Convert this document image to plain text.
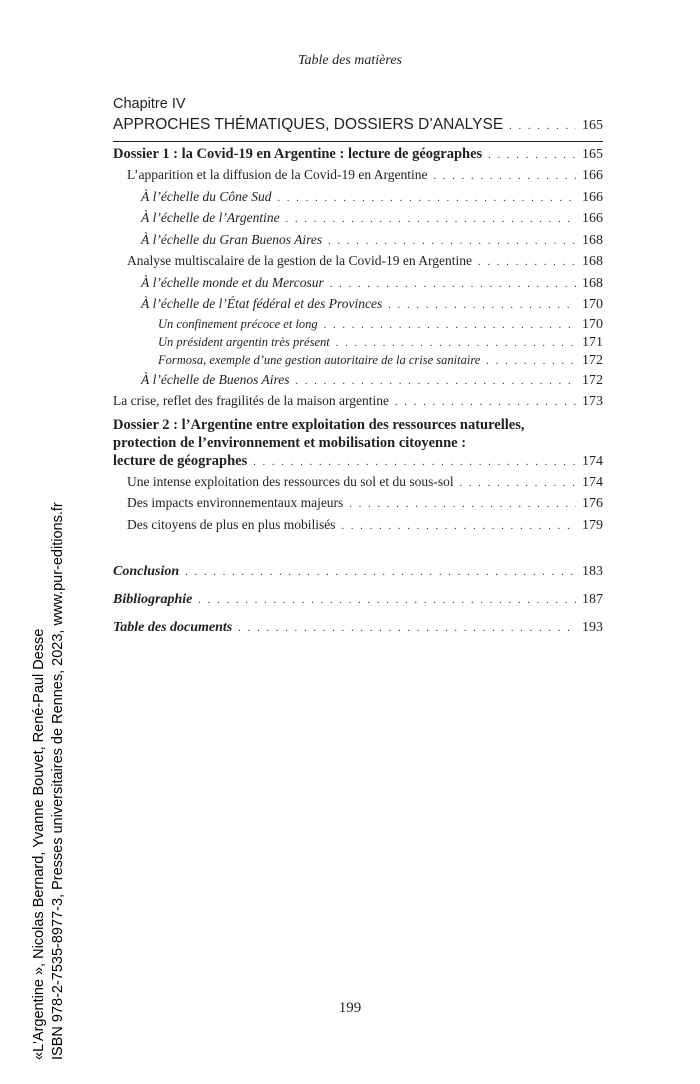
Table des matières
Chapitre IV
APPROCHES THÉMATIQUES, DOSSIERS D’ANALYSE . . .	165
Dossier 1 : la Covid-19 en Argentine : lecture de géographes . . .	165
L’apparition et la diffusion de la Covid-19 en Argentine . . .	166
À l’échelle du Cône Sud . . .	166
À l’échelle de l’Argentine . . .	166
À l’échelle du Gran Buenos Aires . . .	168
Analyse multiscalaire de la gestion de la Covid-19 en Argentine . . .	168
À l’échelle monde et du Mercosur . . .	168
À l’échelle de l’État fédéral et des Provinces . . .	170
Un confinement précoce et long . . .	170
Un président argentin très présent . . .	171
Formosa, exemple d’une gestion autoritaire de la crise sanitaire . . .	172
À l’échelle de Buenos Aires . . .	172
La crise, reflet des fragilités de la maison argentine . . .	173
Dossier 2 : l’Argentine entre exploitation des ressources naturelles,
protection de l’environnement et mobilisation citoyenne :
lecture de géographes . . .	174
Une intense exploitation des ressources du sol et du sous-sol . . .	174
Des impacts environnementaux majeurs . . .	176
Des citoyens de plus en plus mobilisés . . .	179
Conclusion . . .	183
Bibliographie . . .	187
Table des documents . . .	193
199
«L'Argentine », Nicolas Bernard, Yvanne Bouvet, René-Paul Desse ISBN 978-2-7535-8977-3, Presses universitaires de Rennes, 2023, www.pur-editions.fr
